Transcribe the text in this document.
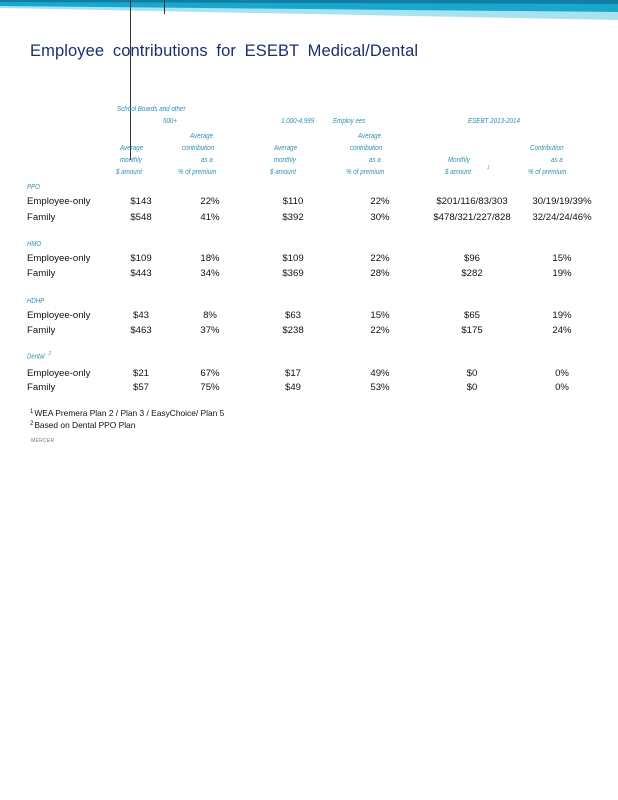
Employee contributions for ESEBT Medical/Dental
School Boards and other
500+	1,000-4,999 Employ ees	ESEBT 2013-2014
Average	Average
Average	contribution	Average	contribution	Contribution
monthly	as a	monthly	as a	Monthly	as a
$ amount	% of premium	$ amount	% of premium	$ amount	1	% of premium
PPO
Employee-only	$143	22%	$110	22%	$201/116/83/303	30/19/19/39%
Family	$548	41%	$392	30%	$478/321/227/828	32/24/24/46%
HMO
Employee-only	$109	18%	$109	22%	$96	15%
Family	$443	34%	$369	28%	$282	19%
HDHP
Employee-only	$43	8%	$63	15%	$65	19%
Family	$463	37%	$238	22%	$175	24%
Dental $^2$
Employee-only	$21	67%	$17	49%	$0	0%
Family	$57	75%	$49	53%	$0	0%
$^1$WEA Premera Plan 2 / Plan 3 / EasyChoice/ Plan 5
$^2$Based on Dental PPO Plan
MERCER
